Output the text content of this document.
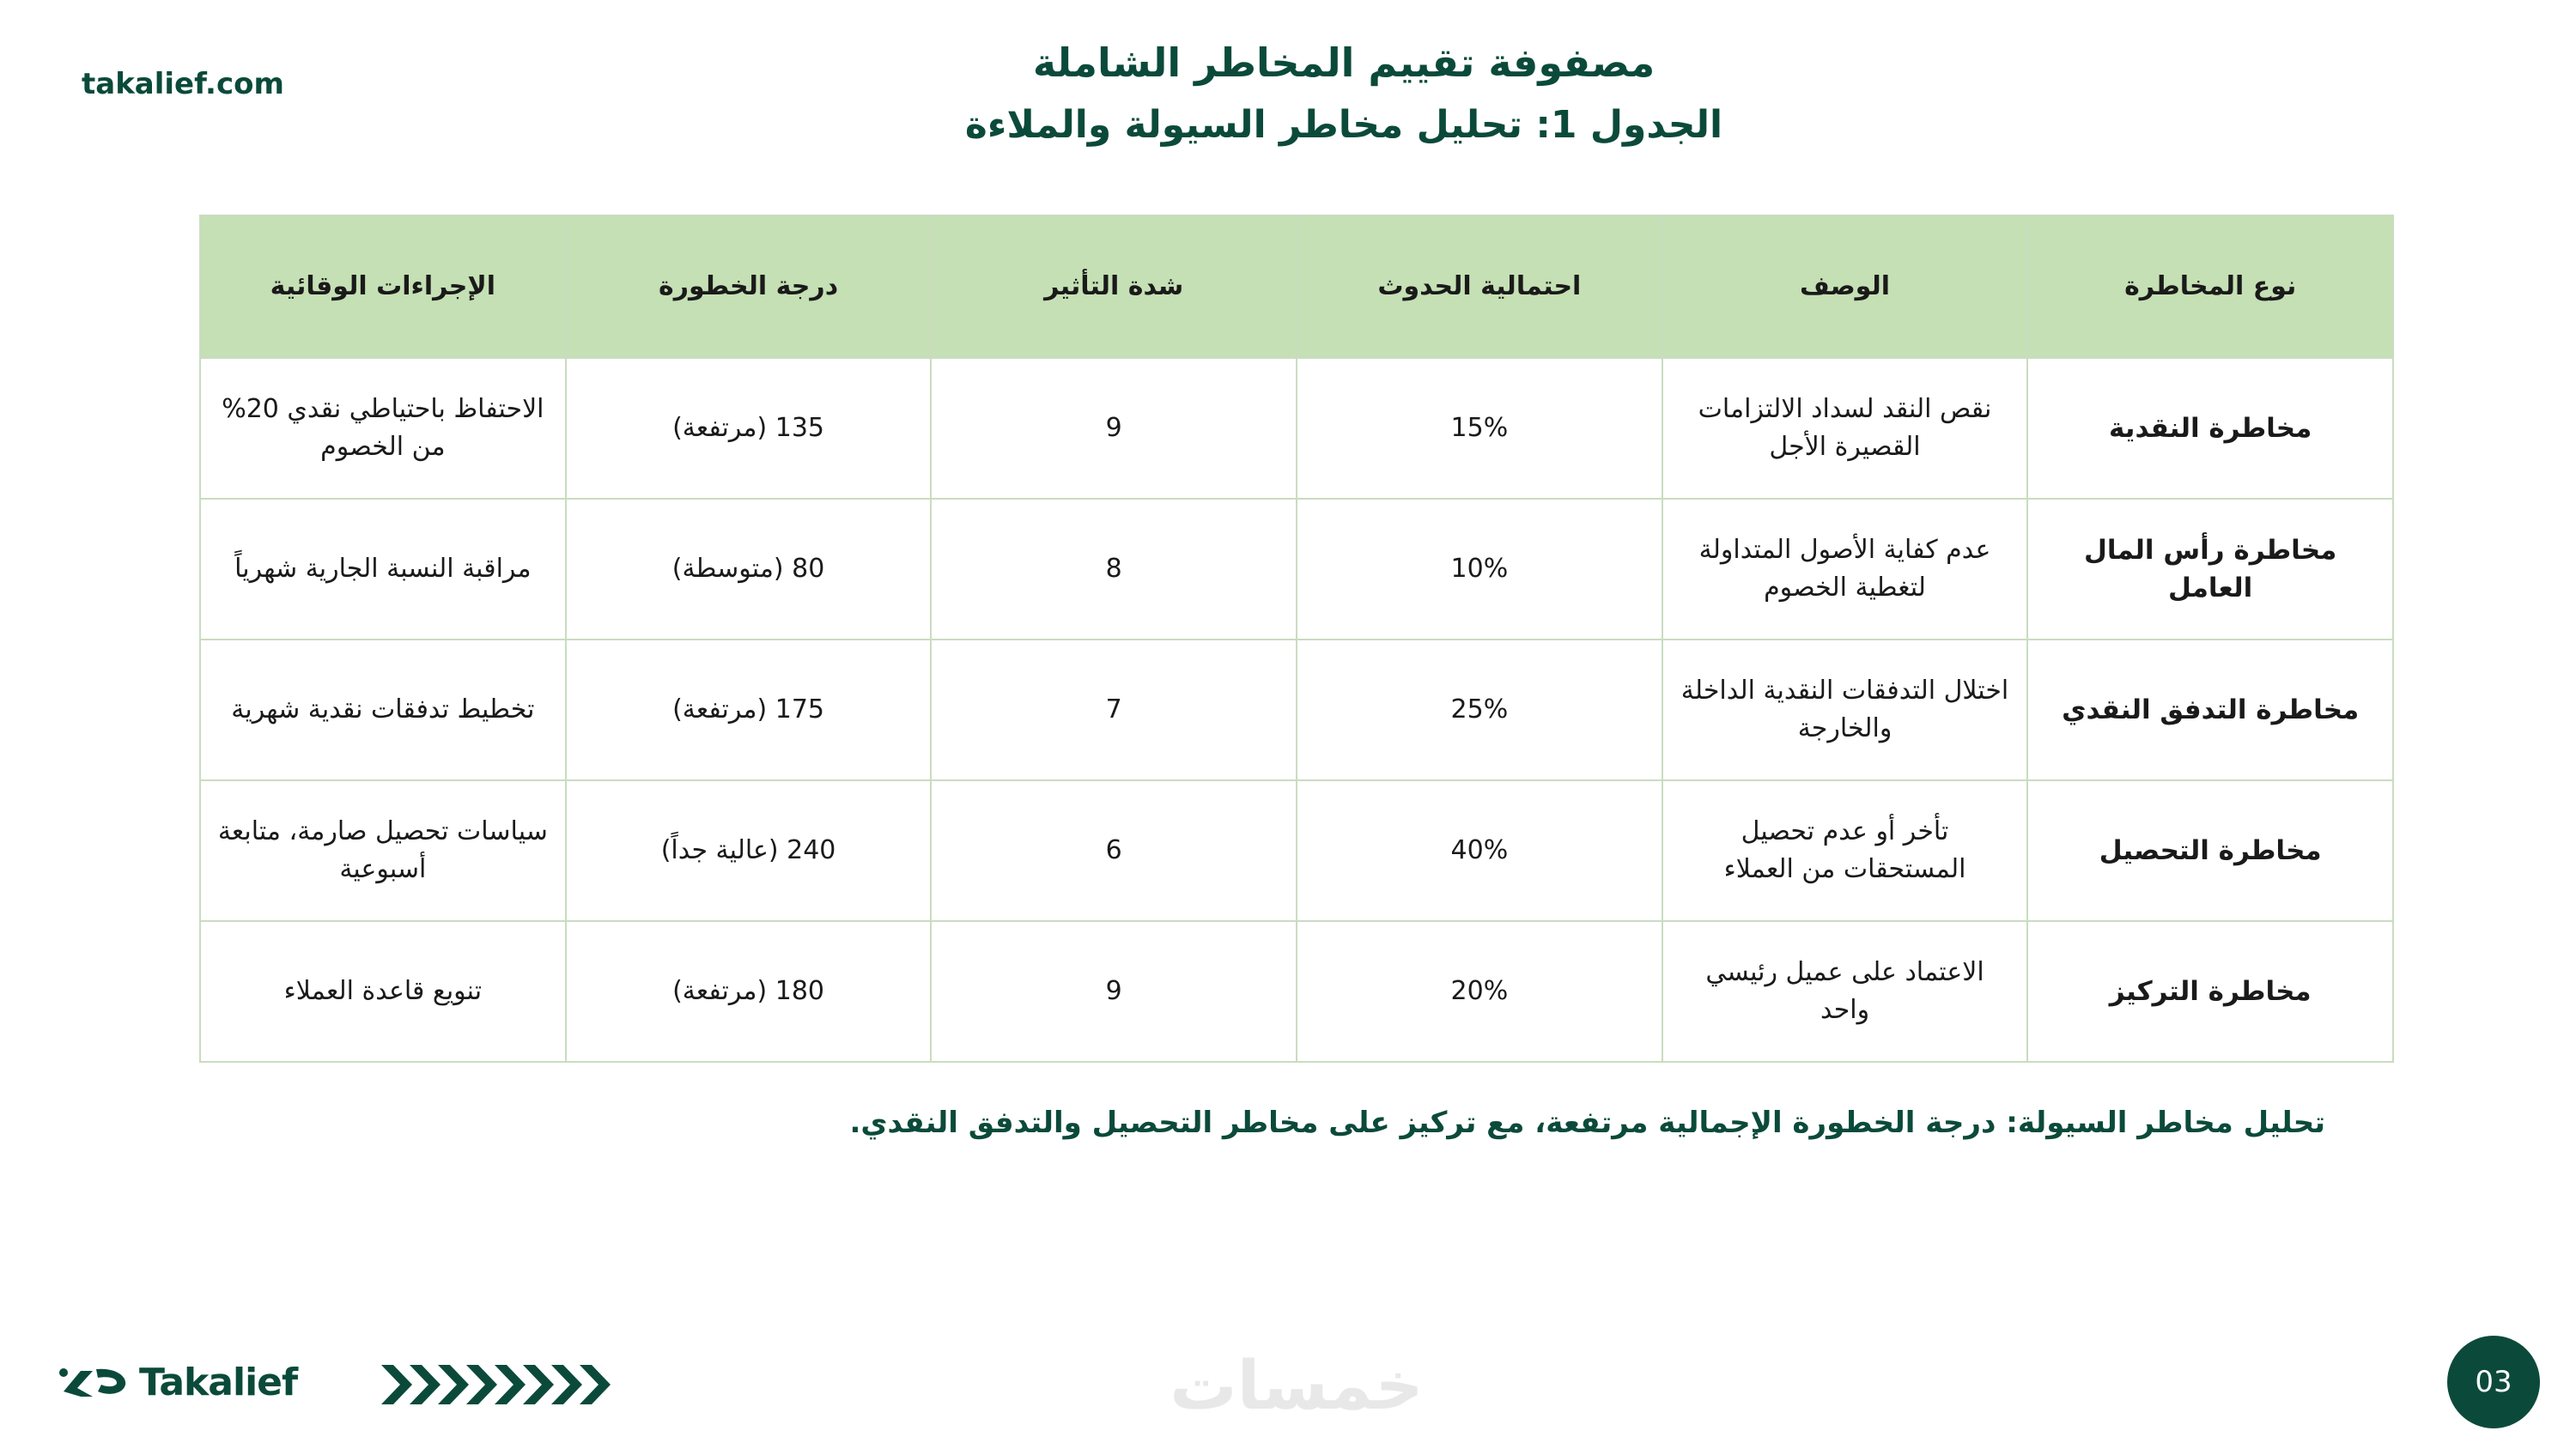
takalief.com	مصفوفة تقييم المخاطر الشاملة
الجدول 1: تحليل مخاطر السيولة والملاءة
نوع المخاطرة	الوصف	احتمالية الحدوث	شدة التأثير	درجة الخطورة	الإجراءات الوقائية
مخاطرة النقدية	نقص النقد لسداد الالتزامات القصيرة الأجل	15%	9	135 (مرتفعة)	الاحتفاظ باحتياطي نقدي 20% من الخصوم
مخاطرة رأس المال العامل	عدم كفاية الأصول المتداولة لتغطية الخصوم	10%	8	80 (متوسطة)	مراقبة النسبة الجارية شهرياً
مخاطرة التدفق النقدي	اختلال التدفقات النقدية الداخلة والخارجة	25%	7	175 (مرتفعة)	تخطيط تدفقات نقدية شهرية
مخاطرة التحصيل	تأخر أو عدم تحصيل المستحقات من العملاء	40%	6	240 (عالية جداً)	سياسات تحصيل صارمة، متابعة أسبوعية
مخاطرة التركيز	الاعتماد على عميل رئيسي واحد	20%	9	180 (مرتفعة)	تنويع قاعدة العملاء
تحليل مخاطر السيولة: درجة الخطورة الإجمالية مرتفعة، مع تركيز على مخاطر التحصيل والتدفق النقدي.
Takalief	خمسات	03
